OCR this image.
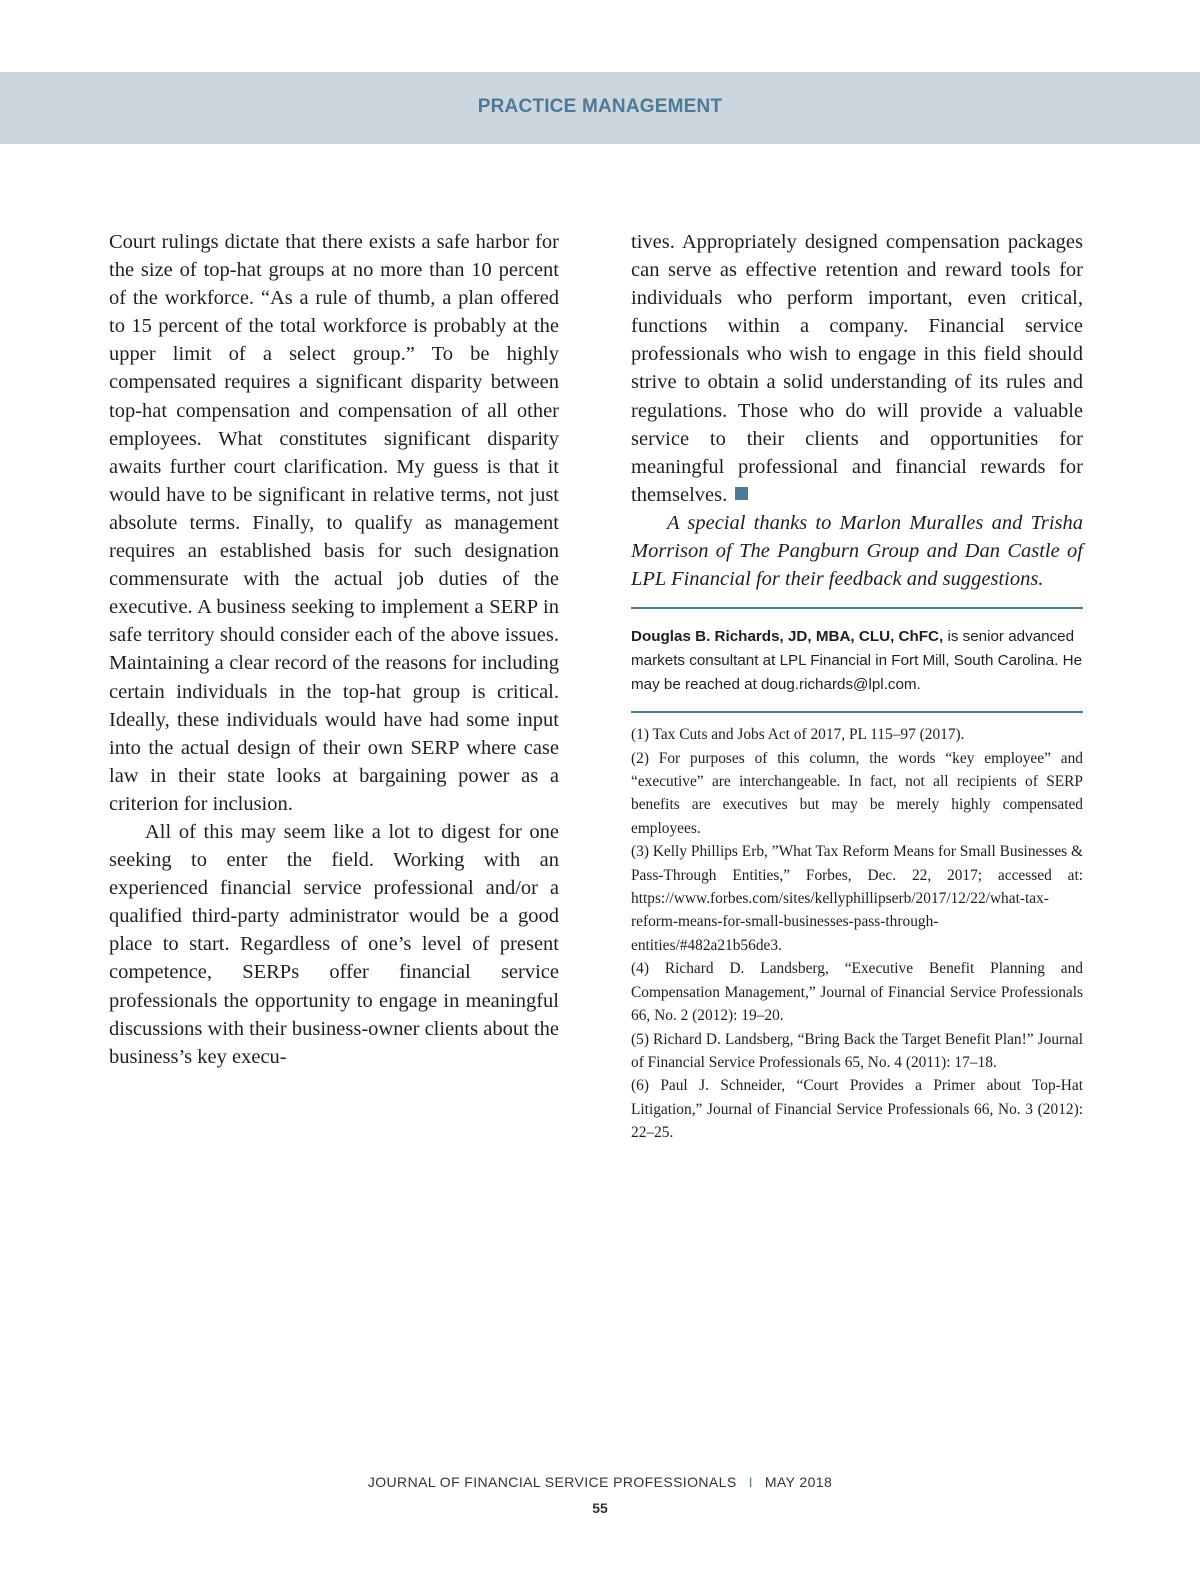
PRACTICE MANAGEMENT

Court rulings dictate that there exists a safe harbor for the size of top-hat groups at no more than 10 percent of the workforce. “As a rule of thumb, a plan offered to 15 percent of the total workforce is probably at the upper limit of a select group.” To be highly compensated requires a significant disparity between top-hat compensation and compensation of all other employees. What constitutes significant disparity awaits further court clarification. My guess is that it would have to be significant in relative terms, not just absolute terms. Finally, to qualify as management requires an established basis for such designation commensurate with the actual job duties of the executive. A business seeking to implement a SERP in safe territory should consider each of the above issues. Maintaining a clear record of the reasons for including certain individuals in the top-hat group is critical. Ideally, these individuals would have had some input into the actual design of their own SERP where case law in their state looks at bargaining power as a criterion for inclusion.

All of this may seem like a lot to digest for one seeking to enter the field. Working with an experienced financial service professional and/or a qualified third-party administrator would be a good place to start. Regardless of one’s level of present competence, SERPs offer financial service professionals the opportunity to engage in meaningful discussions with their business-owner clients about the business’s key execu-

tives. Appropriately designed compensation packages can serve as effective retention and reward tools for individuals who perform important, even critical, functions within a company. Financial service professionals who wish to engage in this field should strive to obtain a solid understanding of its rules and regulations. Those who do will provide a valuable service to their clients and opportunities for meaningful professional and financial rewards for themselves.

A special thanks to Marlon Muralles and Trisha Morrison of The Pangburn Group and Dan Castle of LPL Financial for their feedback and suggestions.

Douglas B. Richards, JD, MBA, CLU, ChFC, is senior advanced markets consultant at LPL Financial in Fort Mill, South Carolina. He may be reached at doug.richards@lpl.com.

(1) Tax Cuts and Jobs Act of 2017, PL 115–97 (2017).

(2) For purposes of this column, the words “key employee” and “executive” are interchangeable. In fact, not all recipients of SERP benefits are executives but may be merely highly compensated employees.

(3) Kelly Phillips Erb, ”What Tax Reform Means for Small Businesses & Pass-Through Entities,” Forbes, Dec. 22, 2017; accessed at: https://www.forbes.com/sites/kellyphillipserb/2017/12/22/what-tax-reform-means-for-small-businesses-pass-through-entities/#482a21b56de3.

(4) Richard D. Landsberg, “Executive Benefit Planning and Compensation Management,” Journal of Financial Service Professionals 66, No. 2 (2012): 19–20.

(5) Richard D. Landsberg, “Bring Back the Target Benefit Plan!” Journal of Financial Service Professionals 65, No. 4 (2011): 17–18.

(6) Paul J. Schneider, “Court Provides a Primer about Top-Hat Litigation,” Journal of Financial Service Professionals 66, No. 3 (2012): 22–25.

JOURNAL OF FINANCIAL SERVICE PROFESSIONALS I MAY 2018
55
